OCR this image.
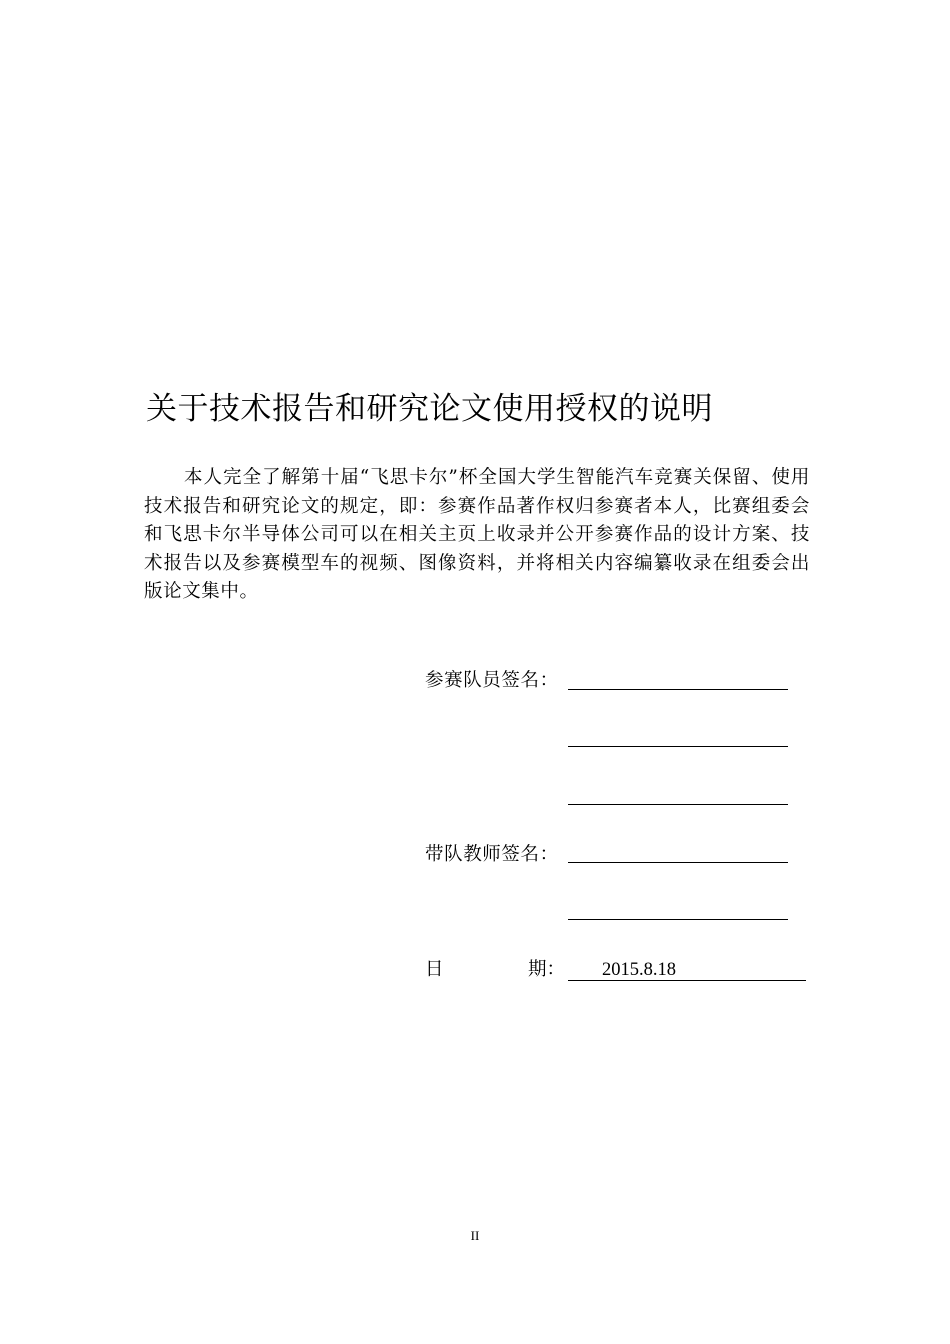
关于技术报告和研究论文使用授权的说明

本人完全了解第十届“飞思卡尔”杯全国大学生智能汽车竞赛关保留、使用技术报告和研究论文的规定，即：参赛作品著作权归参赛者本人，比赛组委会和飞思卡尔半导体公司可以在相关主页上收录并公开参赛作品的设计方案、技术报告以及参赛模型车的视频、图像资料，并将相关内容编纂收录在组委会出版论文集中。

参赛队员签名：
带队教师签名：
日	期： 2015.8.18
II
